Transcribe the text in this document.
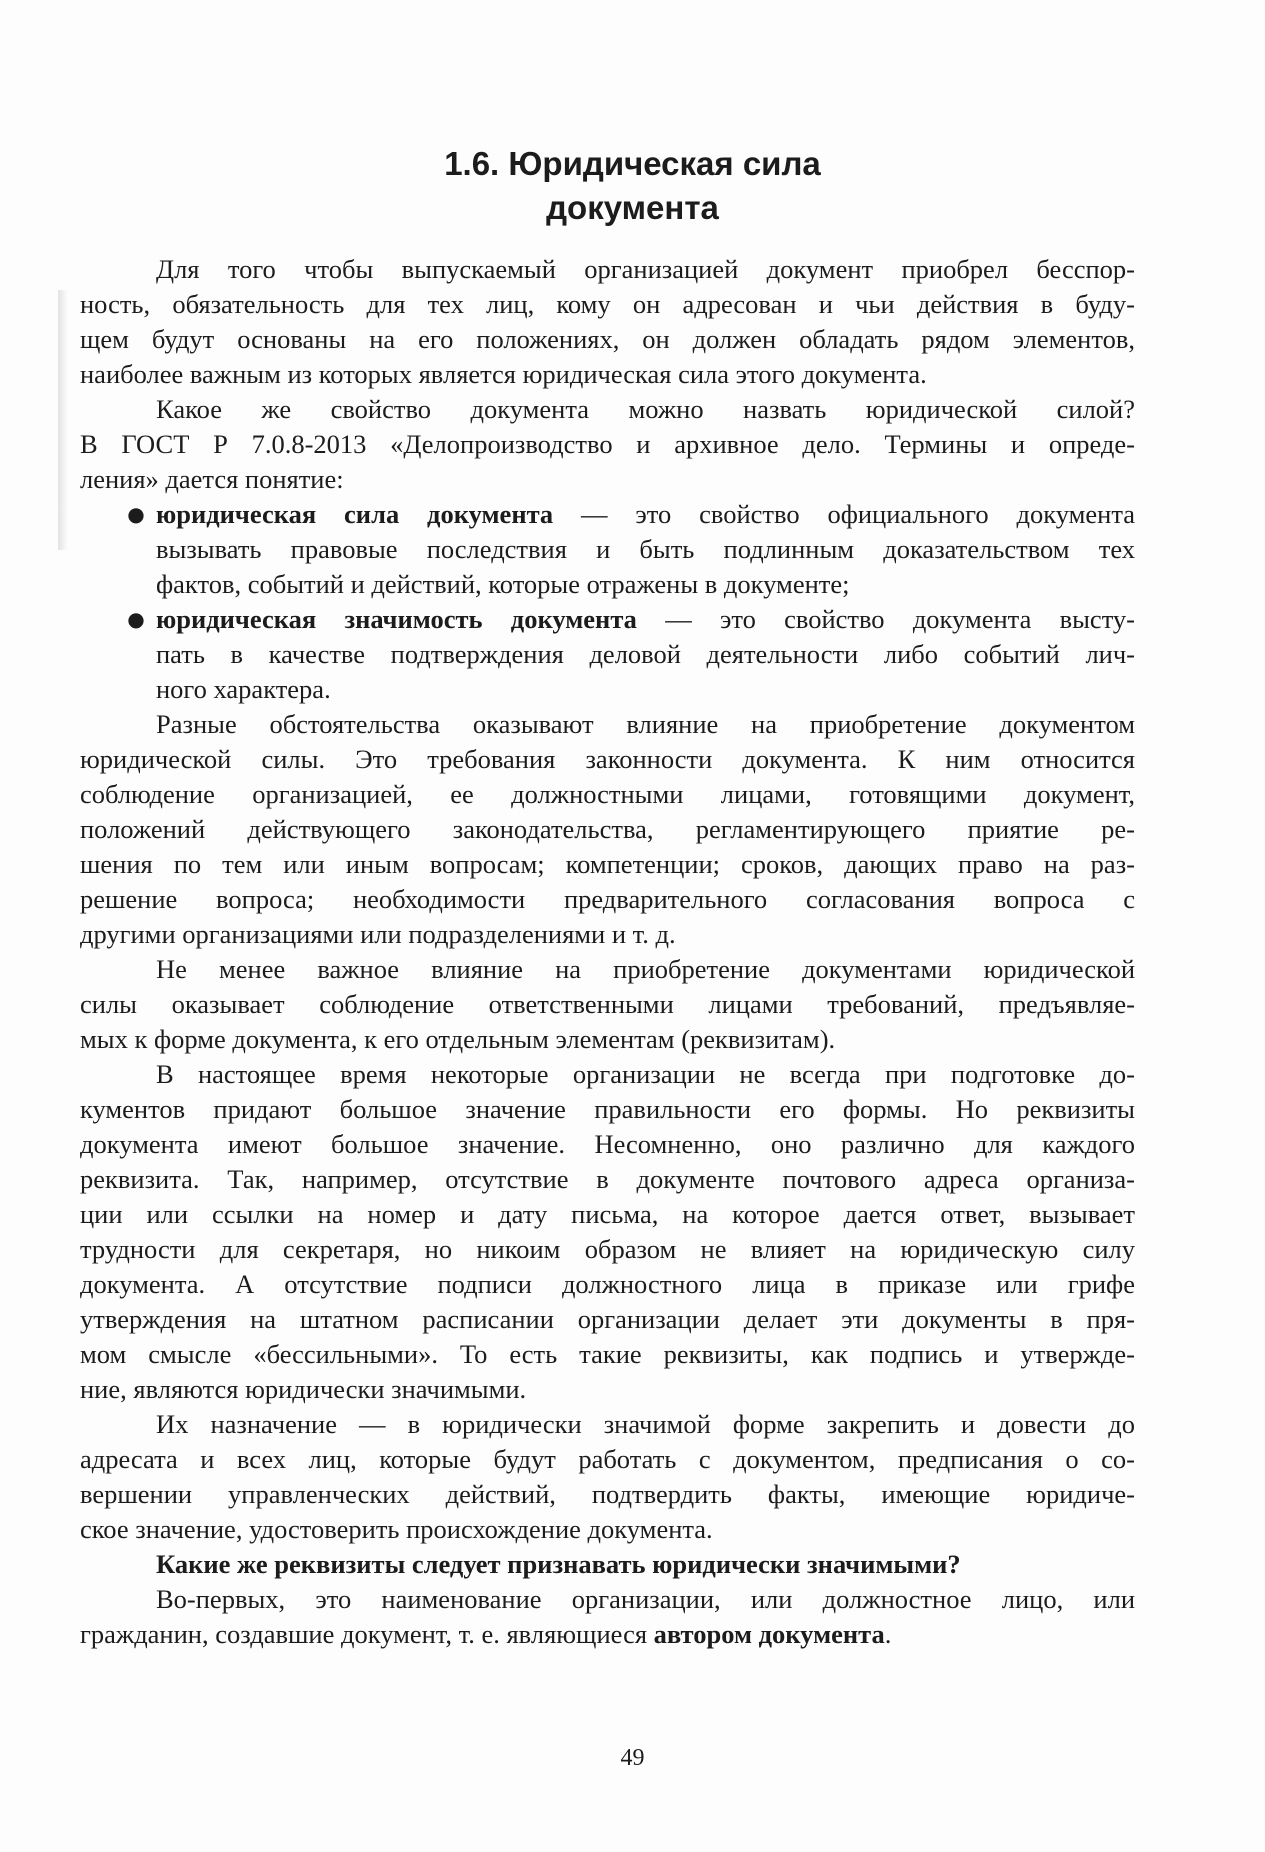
1.6. Юридическая сила
документа
Для того чтобы выпускаемый организацией документ приобрел бесспор-
ность, обязательность для тех лиц, кому он адресован и чьи действия в буду-
щем будут основаны на его положениях, он должен обладать рядом элементов,
наиболее важным из которых является юридическая сила этого документа.
Какое же свойство документа можно назвать юридической силой?
В ГОСТ Р 7.0.8-2013 «Делопроизводство и архивное дело. Термины и опреде-
ления» дается понятие:
● юридическая сила документа — это свойство официального документа
вызывать правовые последствия и быть подлинным доказательством тех
фактов, событий и действий, которые отражены в документе;
● юридическая значимость документа — это свойство документа высту-
пать в качестве подтверждения деловой деятельности либо событий лич-
ного характера.
Разные обстоятельства оказывают влияние на приобретение документом
юридической силы. Это требования законности документа. К ним относится
соблюдение организацией, ее должностными лицами, готовящими документ,
положений действующего законодательства, регламентирующего приятие ре-
шения по тем или иным вопросам; компетенции; сроков, дающих право на раз-
решение вопроса; необходимости предварительного согласования вопроса с
другими организациями или подразделениями и т. д.
Не менее важное влияние на приобретение документами юридической
силы оказывает соблюдение ответственными лицами требований, предъявляе-
мых к форме документа, к его отдельным элементам (реквизитам).
В настоящее время некоторые организации не всегда при подготовке до-
кументов придают большое значение правильности его формы. Но реквизиты
документа имеют большое значение. Несомненно, оно различно для каждого
реквизита. Так, например, отсутствие в документе почтового адреса организа-
ции или ссылки на номер и дату письма, на которое дается ответ, вызывает
трудности для секретаря, но никоим образом не влияет на юридическую силу
документа. А отсутствие подписи должностного лица в приказе или грифе
утверждения на штатном расписании организации делает эти документы в пря-
мом смысле «бессильными». То есть такие реквизиты, как подпись и утвержде-
ние, являются юридически значимыми.
Их назначение — в юридически значимой форме закрепить и довести до
адресата и всех лиц, которые будут работать с документом, предписания о со-
вершении управленческих действий, подтвердить факты, имеющие юридиче-
ское значение, удостоверить происхождение документа.
Какие же реквизиты следует признавать юридически значимыми?
Во-первых, это наименование организации, или должностное лицо, или
гражданин, создавшие документ, т. е. являющиеся автором документа.
49
